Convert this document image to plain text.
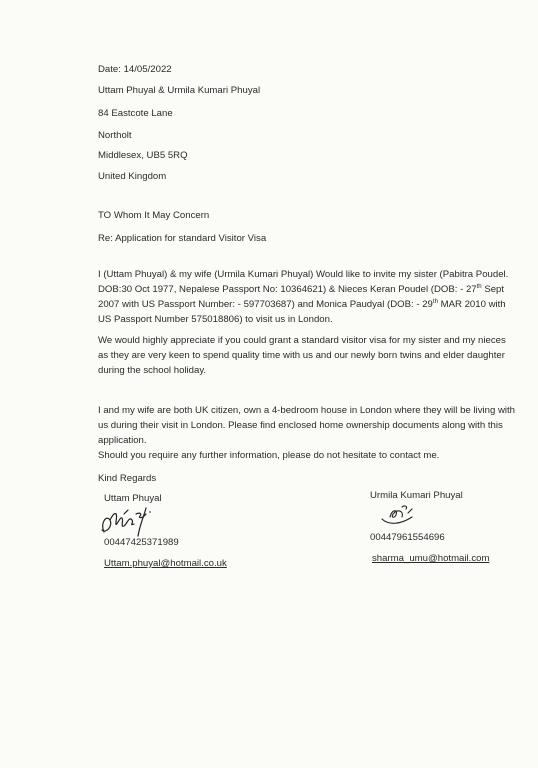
Date: 14/05/2022
Uttam Phuyal & Urmila Kumari Phuyal
84 Eastcote Lane
Northolt
Middlesex, UB5 5RQ
United Kingdom
TO Whom It May Concern
Re: Application for standard Visitor Visa

I (Uttam Phuyal) & my wife (Urmila Kumari Phuyal) Would like to invite my sister (Pabitra Poudel. DOB:30 Oct 1977, Nepalese Passport No: 10364621) & Nieces Keran Poudel (DOB: - 27th Sept 2007 with US Passport Number: - 597703687) and Monica Paudyal (DOB: - 29th MAR 2010 with US Passport Number 575018806) to visit us in London.

We would highly appreciate if you could grant a standard visitor visa for my sister and my nieces as they are very keen to spend quality time with us and our newly born twins and elder daughter during the school holiday.

I and my wife are both UK citizen, own a 4-bedroom house in London where they will be living with us during their visit in London. Please find enclosed home ownership documents along with this application.

Should you require any further information, please do not hesitate to contact me.
Kind Regards
Uttam Phuyal
00447425371989
Uttam.phuyal@hotmail.co.uk
Urmila Kumari Phuyal
00447961554696
sharma_umu@hotmail.com
